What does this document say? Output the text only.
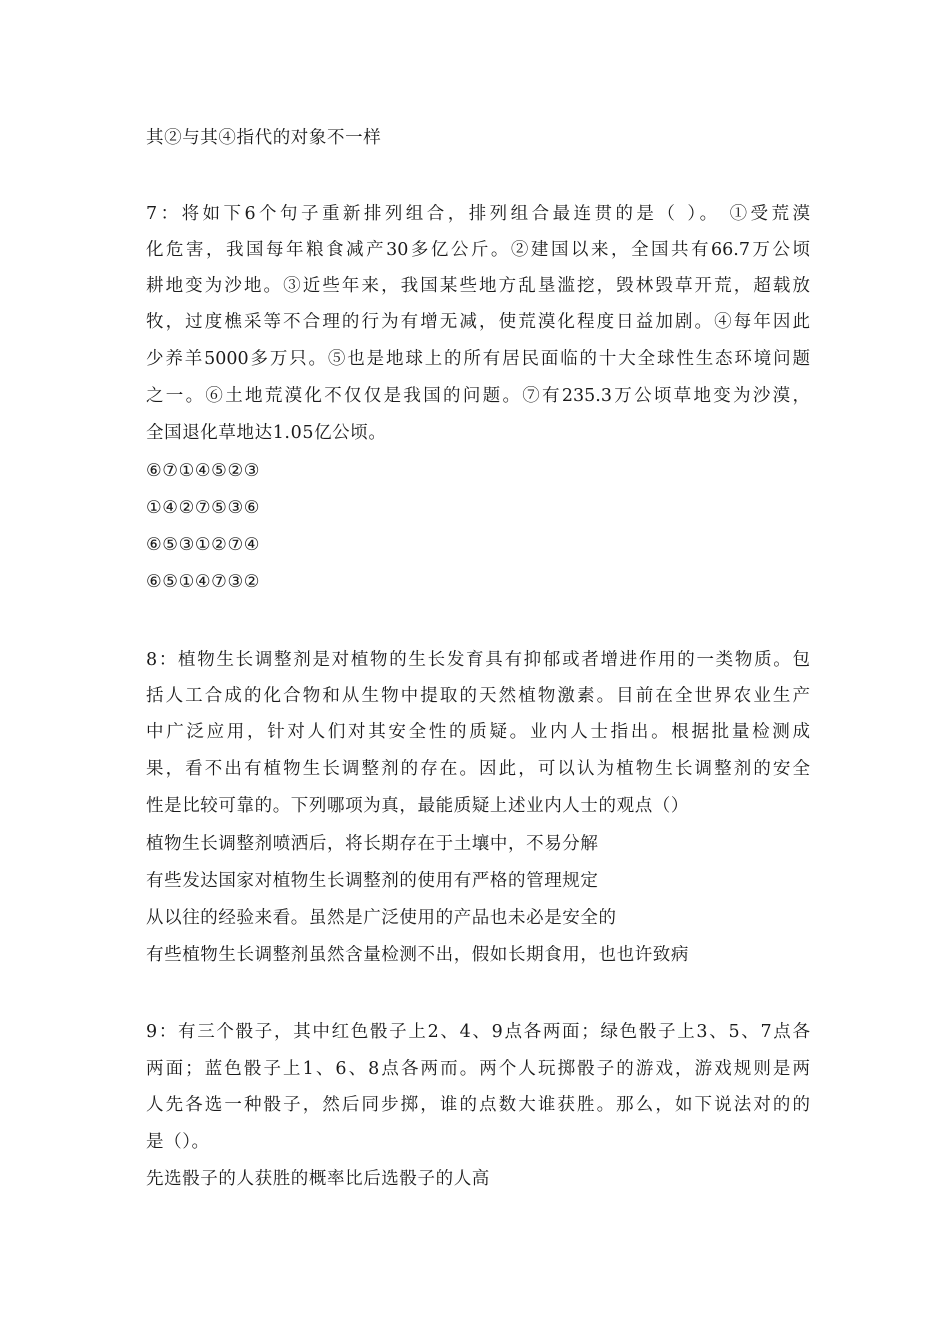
其②与其④指代的对象不一样
7：将如下6个句子重新排列组合，排列组合最连贯的是（ ）。 ①受荒漠
化危害，我国每年粮食减产30多亿公斤。②建国以来，全国共有66.7万公顷
耕地变为沙地。③近些年来，我国某些地方乱垦滥挖，毁林毁草开荒，超载放
牧，过度樵采等不合理的行为有增无减，使荒漠化程度日益加剧。④每年因此
少养羊5000多万只。⑤也是地球上的所有居民面临的十大全球性生态环境问题
之一。⑥土地荒漠化不仅仅是我国的问题。⑦有235.3万公顷草地变为沙漠，
全国退化草地达1.05亿公顷。
⑥⑦①④⑤②③
①④②⑦⑤③⑥
⑥⑤③①②⑦④
⑥⑤①④⑦③②
8：植物生长调整剂是对植物的生长发育具有抑郁或者增进作用的一类物质。包
括人工合成的化合物和从生物中提取的天然植物激素。目前在全世界农业生产
中广泛应用，针对人们对其安全性的质疑。业内人士指出。根据批量检测成
果，看不出有植物生长调整剂的存在。因此，可以认为植物生长调整剂的安全
性是比较可靠的。下列哪项为真，最能质疑上述业内人士的观点（）
植物生长调整剂喷洒后，将长期存在于土壤中，不易分解
有些发达国家对植物生长调整剂的使用有严格的管理规定
从以往的经验来看。虽然是广泛使用的产品也未必是安全的
有些植物生长调整剂虽然含量检测不出，假如长期食用，也也许致病
9：有三个骰子，其中红色骰子上2、4、9点各两面；绿色骰子上3、5、7点各
两面；蓝色骰子上1、6、8点各两而。两个人玩掷骰子的游戏，游戏规则是两
人先各选一种骰子，然后同步掷，谁的点数大谁获胜。那么，如下说法对的的
是（）。
先选骰子的人获胜的概率比后选骰子的人高
